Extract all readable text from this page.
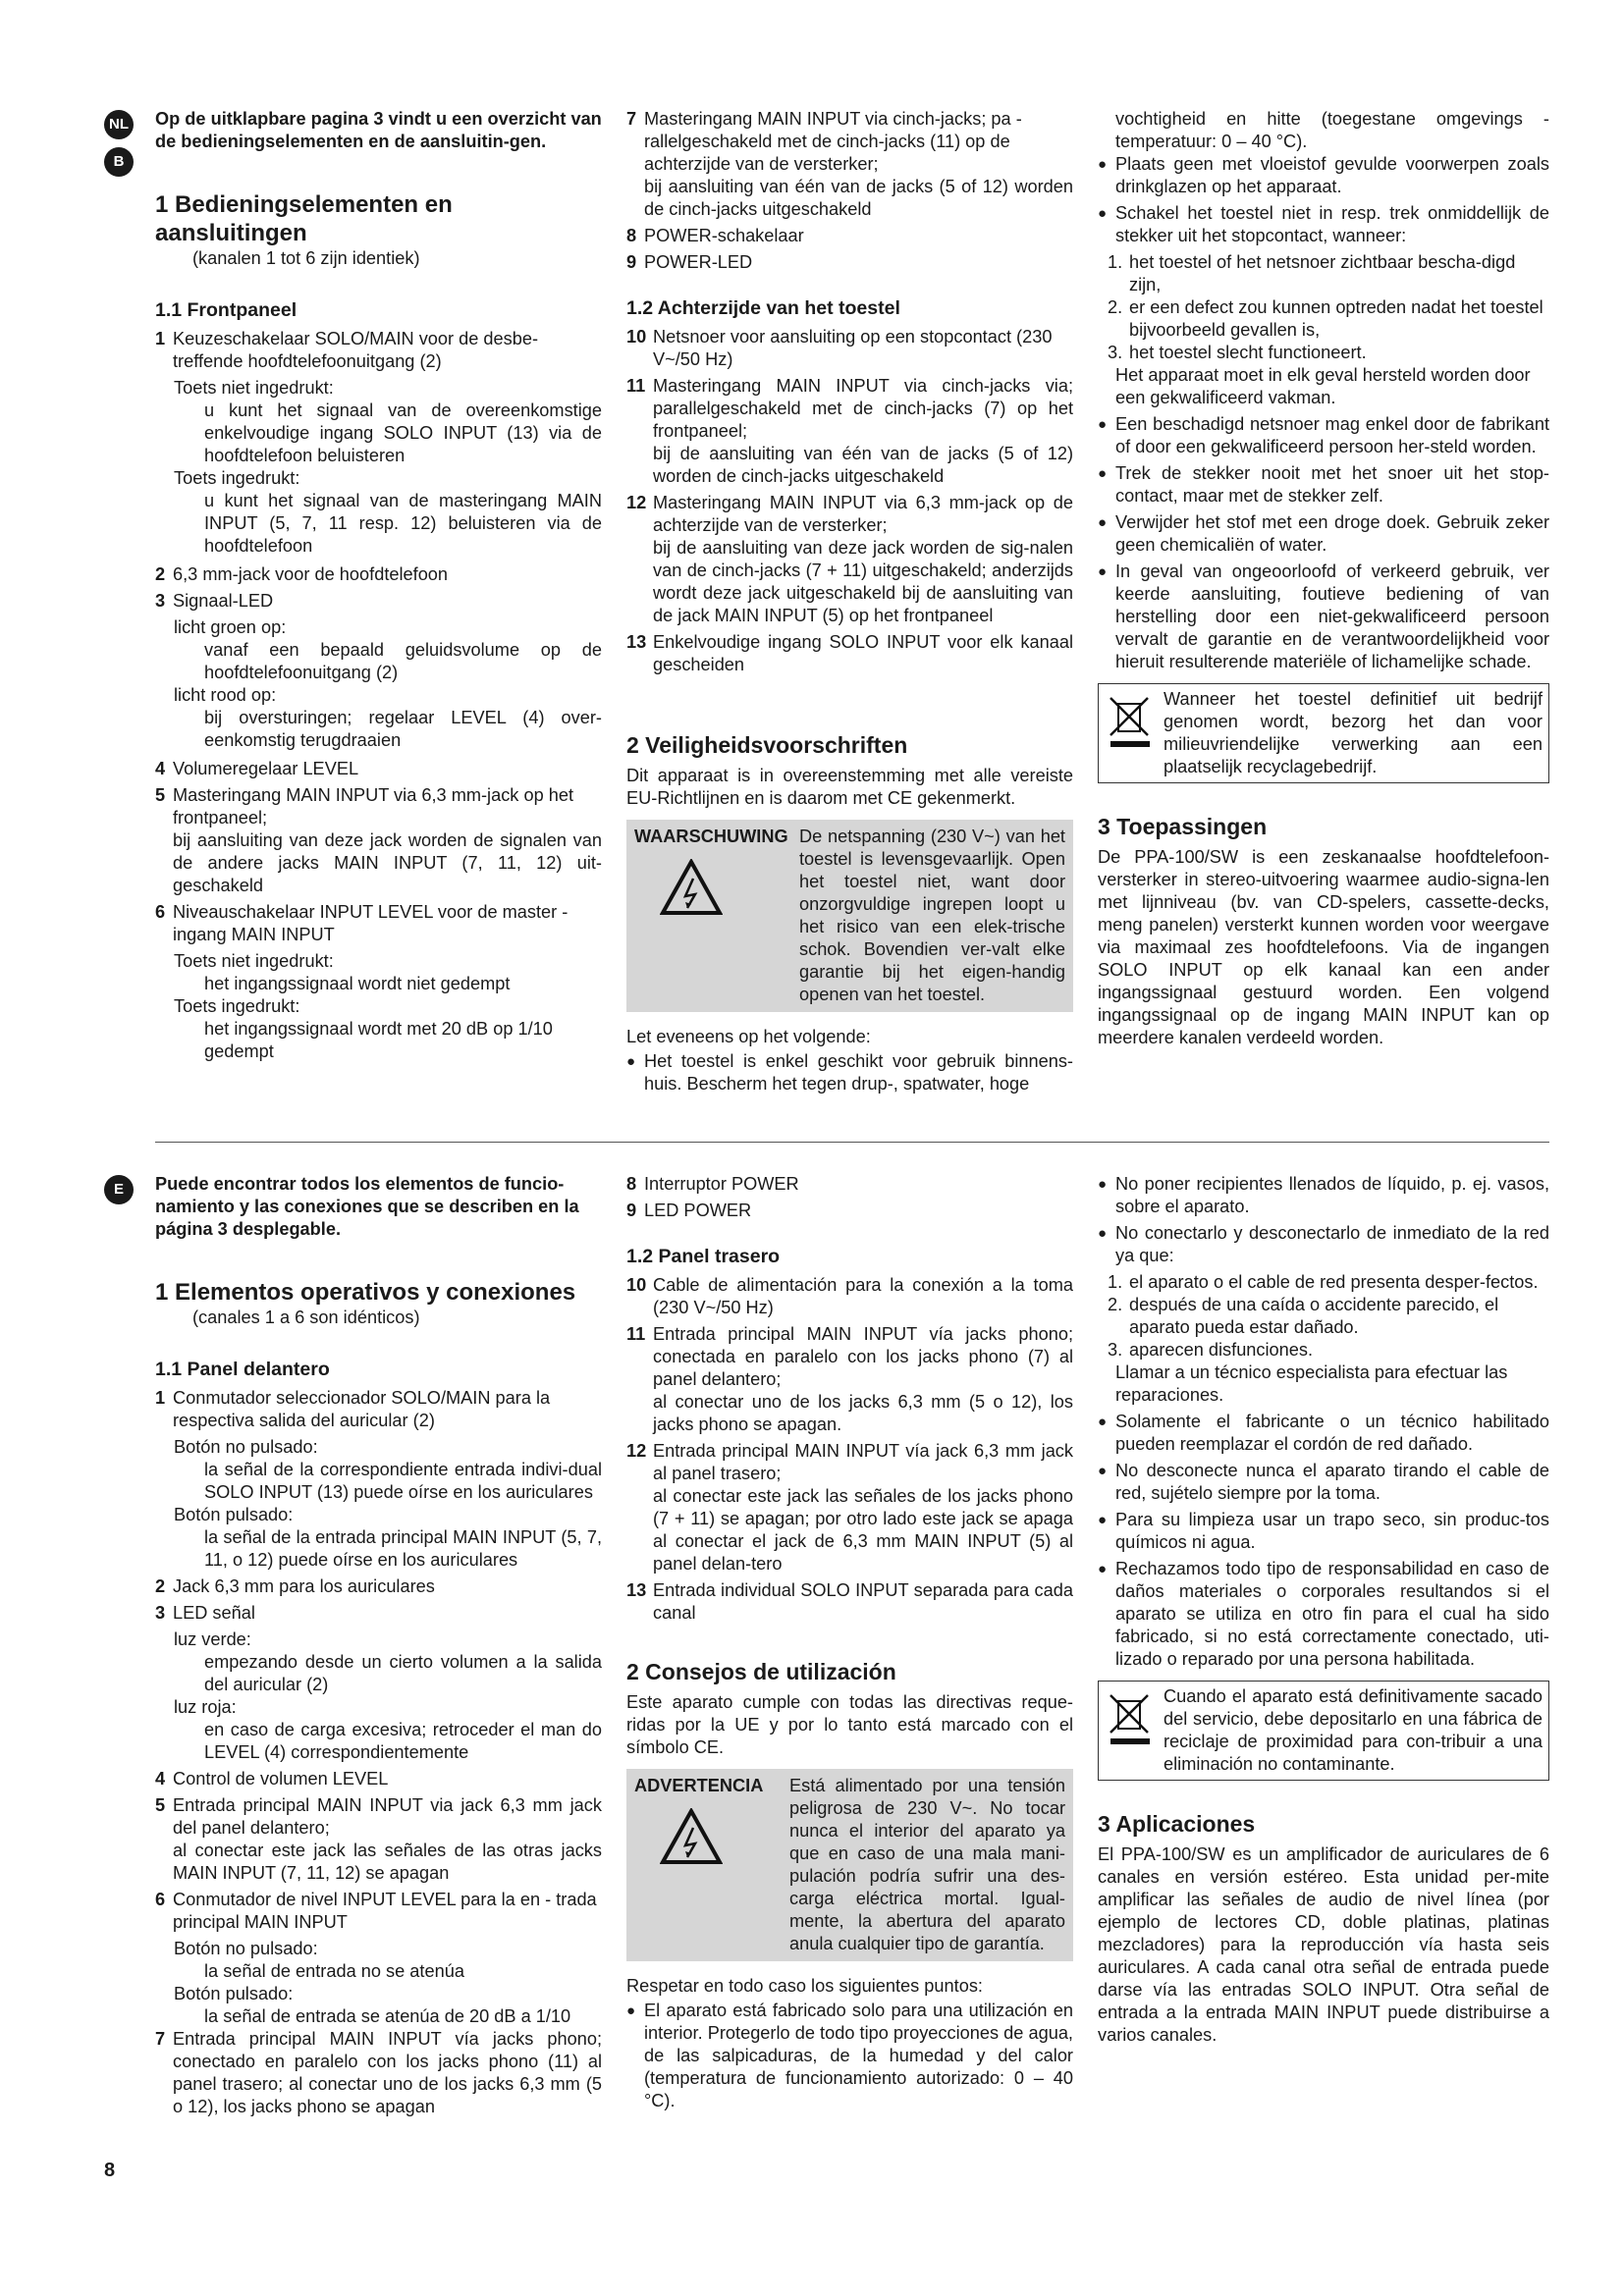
NL
B

Op de uitklapbare pagina 3 vindt u een overzicht van de bedieningselementen en de aansluitin-gen.

1 Bedieningselementen en aansluitingen

(kanalen 1 tot 6 zijn identiek)

1.1 Frontpaneel

1 Keuzeschakelaar SOLO/MAIN voor de desbe-treffende hoofdtelefoonuitgang (2)
Toets niet ingedrukt:
u kunt het signaal van de overeenkomstige enkelvoudige ingang SOLO INPUT (13) via de hoofdtelefoon beluisteren
Toets ingedrukt:
u kunt het signaal van de masteringang MAIN INPUT (5, 7, 11 resp. 12) beluisteren via de hoofdtelefoon
2 6,3 mm-jack voor de hoofdtelefoon
3 Signaal-LED
licht groen op:
vanaf een bepaald geluidsvolume op de hoofdtelefoonuitgang (2)
licht rood op:
bij oversturingen; regelaar LEVEL (4) over-eenkomstig terugdraaien
4 Volumeregelaar LEVEL
5 Masteringang MAIN INPUT via 6,3 mm-jack op het frontpaneel;
bij aansluiting van deze jack worden de signalen van de andere jacks MAIN INPUT (7, 11, 12) uit-geschakeld
6 Niveauschakelaar INPUT LEVEL voor de master - ingang MAIN INPUT
Toets niet ingedrukt:
het ingangssignaal wordt niet gedempt
Toets ingedrukt:
het ingangssignaal wordt met 20 dB op 1/10 gedempt
7 Masteringang MAIN INPUT via cinch-jacks; pa - rallelgeschakeld met de cinch-jacks (11) op de achterzijde van de versterker;
bij aansluiting van één van de jacks (5 of 12) worden de cinch-jacks uitgeschakeld
8 POWER-schakelaar
9 POWER-LED

1.2 Achterzijde van het toestel

10 Netsnoer voor aansluiting op een stopcontact (230 V~/50 Hz)
11 Masteringang MAIN INPUT via cinch-jacks via; parallelgeschakeld met de cinch-jacks (7) op het frontpaneel;
bij de aansluiting van één van de jacks (5 of 12) worden de cinch-jacks uitgeschakeld
12 Masteringang MAIN INPUT via 6,3 mm-jack op de achterzijde van de versterker;
bij de aansluiting van deze jack worden de sig-nalen van de cinch-jacks (7 + 11) uitgeschakeld; anderzijds wordt deze jack uitgeschakeld bij de aansluiting van de jack MAIN INPUT (5) op het frontpaneel
13 Enkelvoudige ingang SOLO INPUT voor elk kanaal gescheiden

2 Veiligheidsvoorschriften

Dit apparaat is in overeenstemming met alle vereiste EU-Richtlijnen en is daarom met CE gekenmerkt.

WAARSCHUWING De netspanning (230 V~) van het toestel is levensgevaarlijk. Open het toestel niet, want door onzorgvuldige ingrepen loopt u het risico van een elek-trische schok. Bovendien ver-valt elke garantie bij het eigen-handig openen van het toestel.

Let eveneens op het volgende:

● Het toestel is enkel geschikt voor gebruik binnens-huis. Bescherm het tegen drup-, spatwater, hoge
vochtigheid en hitte (toegestane omgevings - temperatuur: 0 – 40 °C).
● Plaats geen met vloeistof gevulde voorwerpen zoals drinkglazen op het apparaat.
● Schakel het toestel niet in resp. trek onmiddellijk de stekker uit het stopcontact, wanneer:
1. het toestel of het netsnoer zichtbaar bescha-digd zijn,
2. er een defect zou kunnen optreden nadat het toestel bijvoorbeeld gevallen is,
3. het toestel slecht functioneert.
Het apparaat moet in elk geval hersteld worden door een gekwalificeerd vakman.
● Een beschadigd netsnoer mag enkel door de fabrikant of door een gekwalificeerd persoon her-steld worden.
● Trek de stekker nooit met het snoer uit het stop-contact, maar met de stekker zelf.
● Verwijder het stof met een droge doek. Gebruik zeker geen chemicaliën of water.
● In geval van ongeoorloofd of verkeerd gebruik, ver keerde aansluiting, foutieve bediening of van herstelling door een niet-gekwalificeerd persoon vervalt de garantie en de verantwoordelijkheid voor hieruit resulterende materiële of lichamelijke schade.
Wanneer het toestel definitief uit bedrijf genomen wordt, bezorg het dan voor milieuvriendelijke verwerking aan een plaatselijk recyclagebedrijf.

3 Toepassingen

De PPA-100/SW is een zeskanaalse hoofdtelefoon-versterker in stereo-uitvoering waarmee audio-signa-len met lijnniveau (bv. van CD-spelers, cassette-decks, meng panelen) versterkt kunnen worden voor weergave via maximaal zes hoofdtelefoons. Via de ingangen SOLO INPUT op elk kanaal kan een ander ingangssignaal gestuurd worden. Een volgend ingangssignaal op de ingang MAIN INPUT kan op meerdere kanalen verdeeld worden.

E	Puede encontrar todos los elementos de funcio-namiento y las conexiones que se describen en la página 3 desplegable.

1 Elementos operativos y conexiones

(canales 1 a 6 son idénticos)

1.1 Panel delantero

1 Conmutador seleccionador SOLO/MAIN para la respectiva salida del auricular (2)
Botón no pulsado:
la señal de la correspondiente entrada indivi-dual SOLO INPUT (13) puede oírse en los auriculares
Botón pulsado:
la señal de la entrada principal MAIN INPUT (5, 7, 11, o 12) puede oírse en los auriculares
2 Jack 6,3 mm para los auriculares
3 LED señal
luz verde:
empezando desde un cierto volumen a la salida del auricular (2)
luz roja:
en caso de carga excesiva; retroceder el man do LEVEL (4) correspondientemente
4 Control de volumen LEVEL
5 Entrada principal MAIN INPUT via jack 6,3 mm jack del panel delantero;
al conectar este jack las señales de las otras jacks MAIN INPUT (7, 11, 12) se apagan
6 Conmutador de nivel INPUT LEVEL para la en - trada principal MAIN INPUT
Botón no pulsado:
la señal de entrada no se atenúa
Botón pulsado:
la señal de entrada se atenúa de 20 dB a 1/10
7 Entrada principal MAIN INPUT vía jacks phono; conectado en paralelo con los jacks phono (11) al panel trasero; al conectar uno de los jacks 6,3 mm (5 o 12), los jacks phono se apagan
8 Interruptor POWER
9 LED POWER

1.2 Panel trasero

10 Cable de alimentación para la conexión a la toma (230 V~/50 Hz)
11 Entrada principal MAIN INPUT vía jacks phono; conectada en paralelo con los jacks phono (7) al panel delantero;
al conectar uno de los jacks 6,3 mm (5 o 12), los jacks phono se apagan.
12 Entrada principal MAIN INPUT vía jack 6,3 mm jack al panel trasero;
al conectar este jack las señales de los jacks phono (7 + 11) se apagan; por otro lado este jack se apaga al conectar el jack de 6,3 mm MAIN INPUT (5) al panel delan-tero
13 Entrada individual SOLO INPUT separada para cada canal

2 Consejos de utilización

Este aparato cumple con todas las directivas reque-ridas por la UE y por lo tanto está marcado con el símbolo CE.

ADVERTENCIA Está alimentado por una tensión peligrosa de 230 V~. No tocar nunca el interior del aparato ya que en caso de una mala mani-pulación podría sufrir una des-carga eléctrica mortal. Igual-mente, la abertura del aparato anula cualquier tipo de garantía.

Respetar en todo caso los siguientes puntos:

● El aparato está fabricado solo para una utilización en interior. Protegerlo de todo tipo proyecciones de agua, de las salpicaduras, de la humedad y del calor (temperatura de funcionamiento autorizado: 0 – 40 °C).
● No poner recipientes llenados de líquido, p. ej. vasos, sobre el aparato.
● No conectarlo y desconectarlo de inmediato de la red ya que:
1. el aparato o el cable de red presenta desper-fectos.
2. después de una caída o accidente parecido, el aparato pueda estar dañado.
3. aparecen disfunciones.
Llamar a un técnico especialista para efectuar las reparaciones.
● Solamente el fabricante o un técnico habilitado pueden reemplazar el cordón de red dañado.
● No desconecte nunca el aparato tirando el cable de red, sujételo siempre por la toma.
● Para su limpieza usar un trapo seco, sin produc-tos químicos ni agua.
● Rechazamos todo tipo de responsabilidad en caso de daños materiales o corporales resultandos si el aparato se utiliza en otro fin para el cual ha sido fabricado, si no está correctamente conectado, uti-lizado o reparado por una persona habilitada.
Cuando el aparato está definitivamente sacado del servicio, debe depositarlo en una fábrica de reciclaje de proximidad para con-tribuir a una eliminación no contaminante.

3 Aplicaciones

El PPA-100/SW es un amplificador de auriculares de 6 canales en versión estéreo. Esta unidad per-mite amplificar las señales de audio de nivel línea (por ejemplo de lectores CD, doble platinas, platinas mezcladores) para la reproducción vía hasta seis auriculares. A cada canal otra señal de entrada puede darse vía las entradas SOLO INPUT. Otra señal de entrada a la entrada MAIN INPUT puede distribuirse a varios canales.

8
